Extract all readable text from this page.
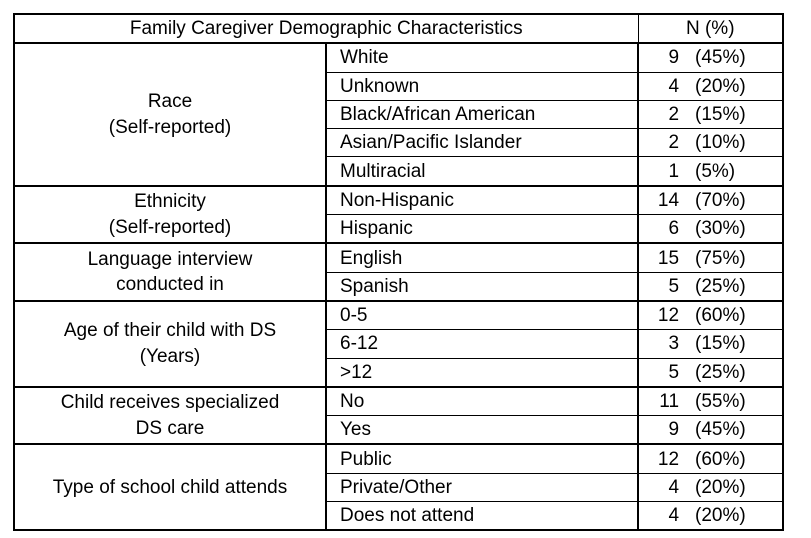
Family Caregiver Demographic Characteristics		N (%)

Race
(Self-reported)	White	9 (45%)
	Unknown	4 (20%)
	Black/African American	2 (15%)
	Asian/Pacific Islander	2 (10%)
	Multiracial	1 (5%)

Ethnicity
(Self-reported)	Non-Hispanic	14 (70%)
	Hispanic	6 (30%)

Language interview
conducted in	English	15 (75%)
	Spanish	5 (25%)

Age of their child with DS
(Years)	0-5	12 (60%)
	6-12	3 (15%)
	>12	5 (25%)

Child receives specialized
DS care	No	11 (55%)
	Yes	9 (45%)

Type of school child attends	Public	12 (60%)
	Private/Other	4 (20%)
	Does not attend	4 (20%)
